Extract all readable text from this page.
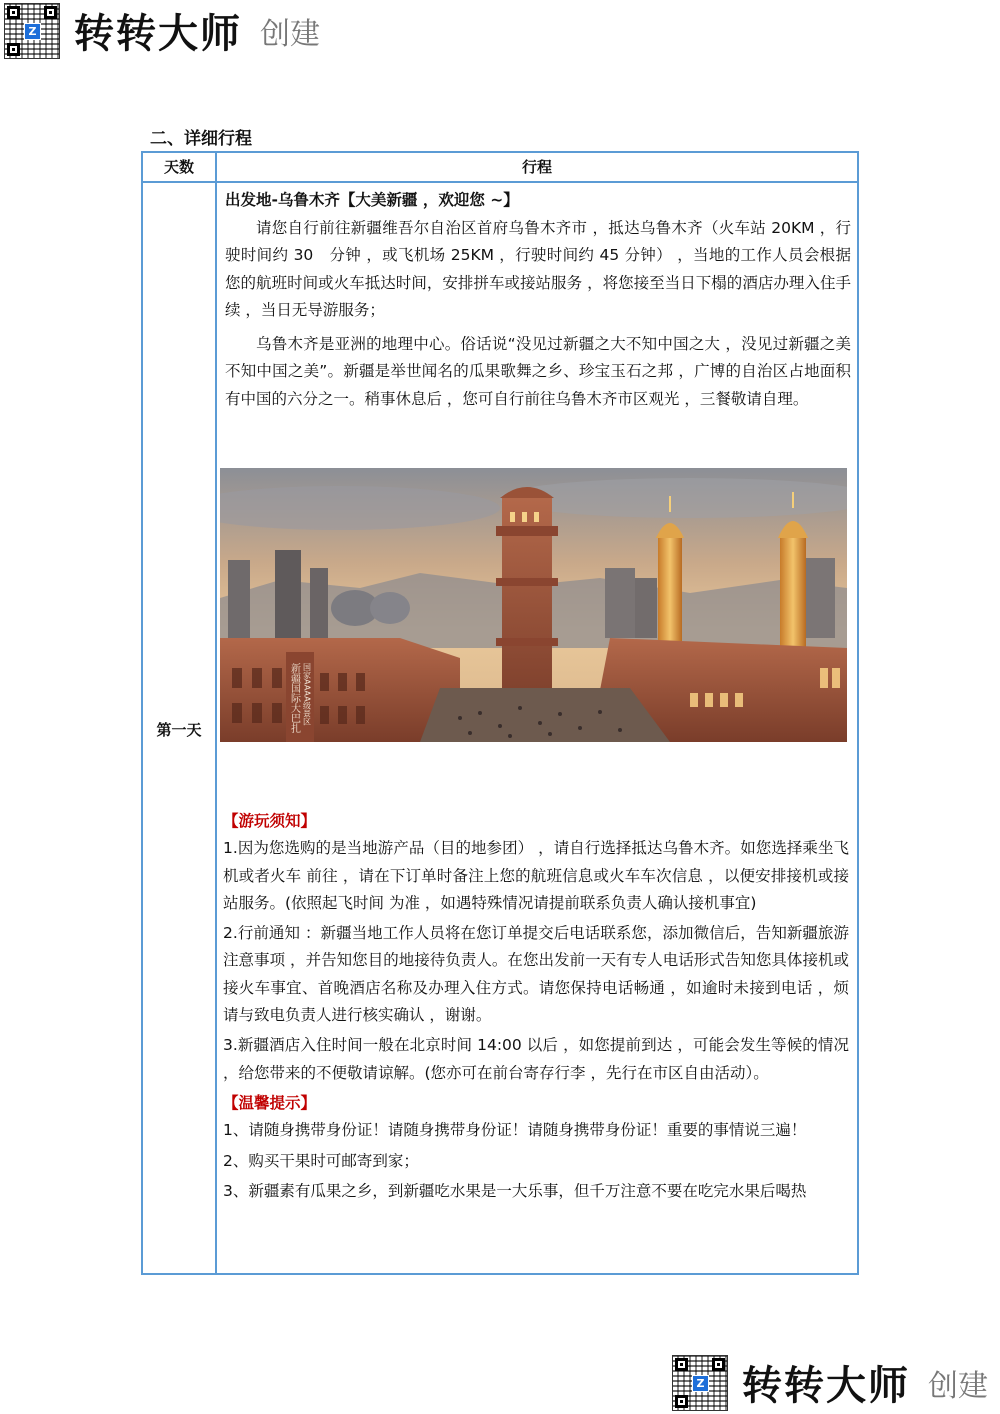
Z 转转大师 创建
二、详细行程
天数	行程
第一天
出发地-乌鲁木齐【大美新疆 ，欢迎您 ~】

请您自行前往新疆维吾尔自治区首府乌鲁木齐市 ，抵达乌鲁木齐（火车站 20KM ，行驶时间约 30　分钟 ，或飞机场 25KM ，行驶时间约 45 分钟） ，当地的工作人员会根据您的航班时间或火车抵达时间，安排拼车或接站服务 ，将您接至当日下榻的酒店办理入住手续 ，当日无导游服务；

乌鲁木齐是亚洲的地理中心。俗话说“没见过新疆之大不知中国之大 ，没见过新疆之美不知中国之美”。新疆是举世闻名的瓜果歌舞之乡、珍宝玉石之邦 ，广博的自治区占地面积有中国的六分之一。稍事休息后 ，您可自行前往乌鲁木齐市区观光 ，三餐敬请自理。

新疆国际大巴扎 国家AAAA级景区

【游玩须知】

1.因为您选购的是当地游产品（目的地参团） ，请自行选择抵达乌鲁木齐。如您选择乘坐飞机或者火车 前往 ，请在下订单时备注上您的航班信息或火车车次信息 ，以便安排接机或接站服务。(依照起飞时间 为准 ，如遇特殊情况请提前联系负责人确认接机事宜)

2.行前通知 ：新疆当地工作人员将在您订单提交后电话联系您，添加微信后，告知新疆旅游注意事项 ，并告知您目的地接待负责人。在您出发前一天有专人电话形式告知您具体接机或接火车事宜、首晚酒店名称及办理入住方式。请您保持电话畅通 ，如逾时未接到电话 ，烦请与致电负责人进行核实确认 ，谢谢。

3.新疆酒店入住时间一般在北京时间 14:00 以后 ，如您提前到达 ，可能会发生等候的情况 ，给您带来的不便敬请谅解。(您亦可在前台寄存行李 ，先行在市区自由活动）。

【温馨提示】

1、请随身携带身份证！请随身携带身份证！请随身携带身份证！重要的事情说三遍！

2、购买干果时可邮寄到家；

3、新疆素有瓜果之乡，到新疆吃水果是一大乐事，但千万注意不要在吃完水果后喝热

Z 转转大师 创建
